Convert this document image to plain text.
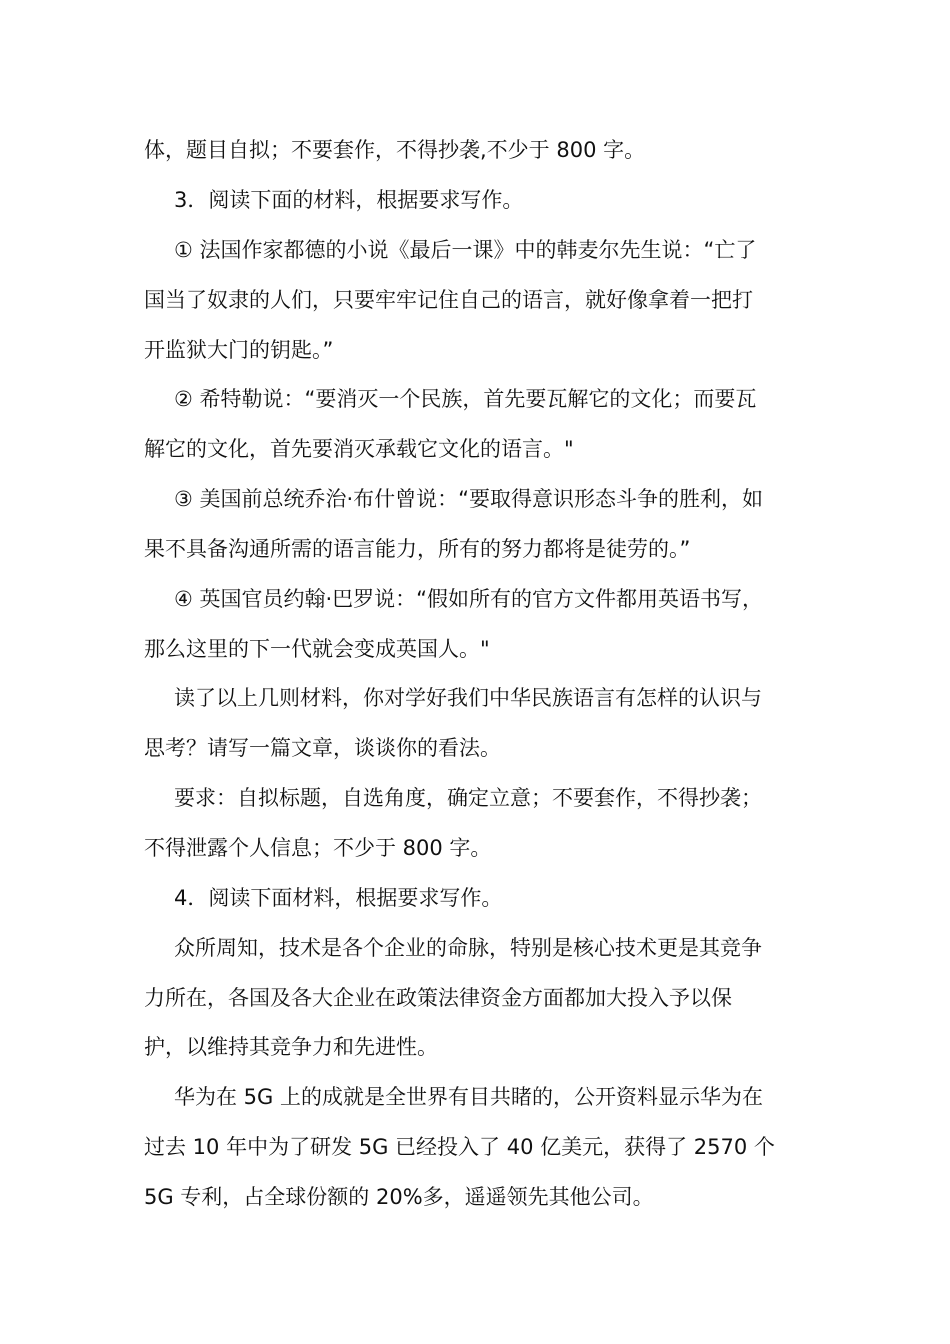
体，题目自拟；不要套作，不得抄袭,不少于 800 字。
3．阅读下面的材料，根据要求写作。
① 法国作家都德的小说《最后一课》中的韩麦尔先生说：“亡了
国当了奴隶的人们，只要牢牢记住自己的语言，就好像拿着一把打
开监狱大门的钥匙。”
② 希特勒说：“要消灭一个民族，首先要瓦解它的文化；而要瓦
解它的文化，首先要消灭承载它文化的语言。"
③ 美国前总统乔治·布什曾说：“要取得意识形态斗争的胜利，如
果不具备沟通所需的语言能力，所有的努力都将是徒劳的。”
④ 英国官员约翰·巴罗说：“假如所有的官方文件都用英语书写，
那么这里的下一代就会变成英国人。"
读了以上几则材料，你对学好我们中华民族语言有怎样的认识与
思考？请写一篇文章，谈谈你的看法。
要求：自拟标题，自选角度，确定立意；不要套作，不得抄袭；
不得泄露个人信息；不少于 800 字。
4．阅读下面材料，根据要求写作。
众所周知，技术是各个企业的命脉，特别是核心技术更是其竞争
力所在，各国及各大企业在政策法律资金方面都加大投入予以保
护，以维持其竞争力和先进性。
华为在 5G 上的成就是全世界有目共睹的，公开资料显示华为在
过去 10 年中为了研发 5G 已经投入了 40 亿美元，获得了 2570 个
5G 专利，占全球份额的 20%多，遥遥领先其他公司。
